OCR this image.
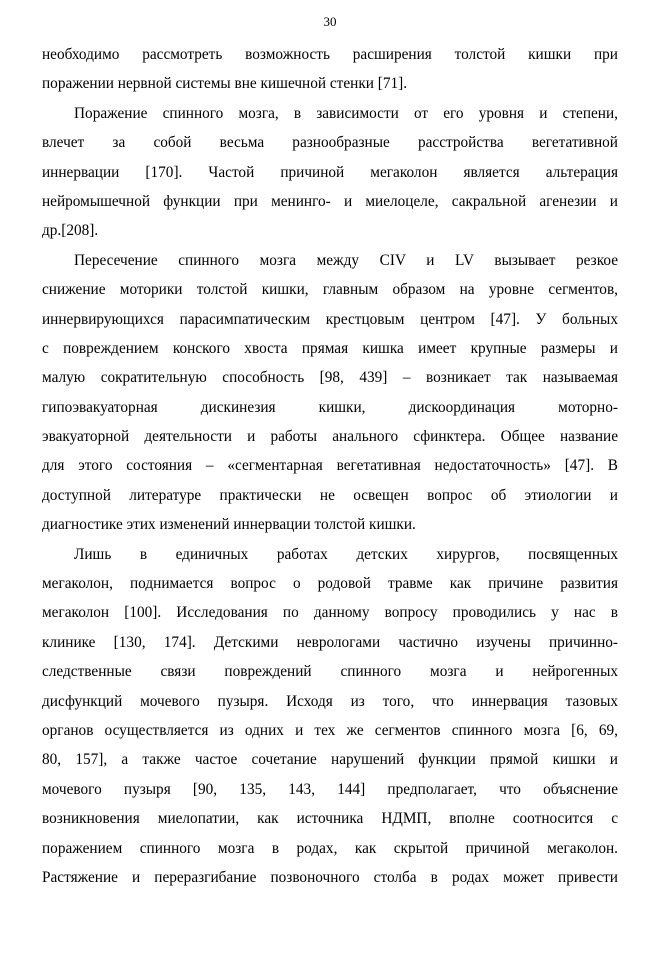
30
необходимо рассмотреть возможность расширения толстой кишки при
поражении нервной системы вне кишечной стенки [71].
Поражение спинного мозга, в зависимости от его уровня и степени,
влечет за собой весьма разнообразные расстройства вегетативной
иннервации [170]. Частой причиной мегаколон является альтерация
нейромышечной функции при менинго- и миелоцеле, сакральной агенезии и
др.[208].
Пересечение спинного мозга между CIV и LV вызывает резкое
снижение моторики толстой кишки, главным образом на уровне сегментов,
иннервирующихся парасимпатическим крестцовым центром [47]. У больных
с повреждением конского хвоста прямая кишка имеет крупные размеры и
малую сократительную способность [98, 439] – возникает так называемая
гипоэвакуаторная дискинезия кишки, дискоординация моторно-
эвакуаторной деятельности и работы анального сфинктера. Общее название
для этого состояния – «сегментарная вегетативная недостаточность» [47]. В
доступной литературе практически не освещен вопрос об этиологии и
диагностике этих изменений иннервации толстой кишки.
Лишь в единичных работах детских хирургов, посвященных
мегаколон, поднимается вопрос о родовой травме как причине развития
мегаколон [100]. Исследования по данному вопросу проводились у нас в
клинике [130, 174]. Детскими неврологами частично изучены причинно-
следственные связи повреждений спинного мозга и нейрогенных
дисфункций мочевого пузыря. Исходя из того, что иннервация тазовых
органов осуществляется из одних и тех же сегментов спинного мозга [6, 69,
80, 157], а также частое сочетание нарушений функции прямой кишки и
мочевого пузыря [90, 135, 143, 144] предполагает, что объяснение
возникновения миелопатии, как источника НДМП, вполне соотносится с
поражением спинного мозга в родах, как скрытой причиной мегаколон.
Растяжение и переразгибание позвоночного столба в родах может привести
